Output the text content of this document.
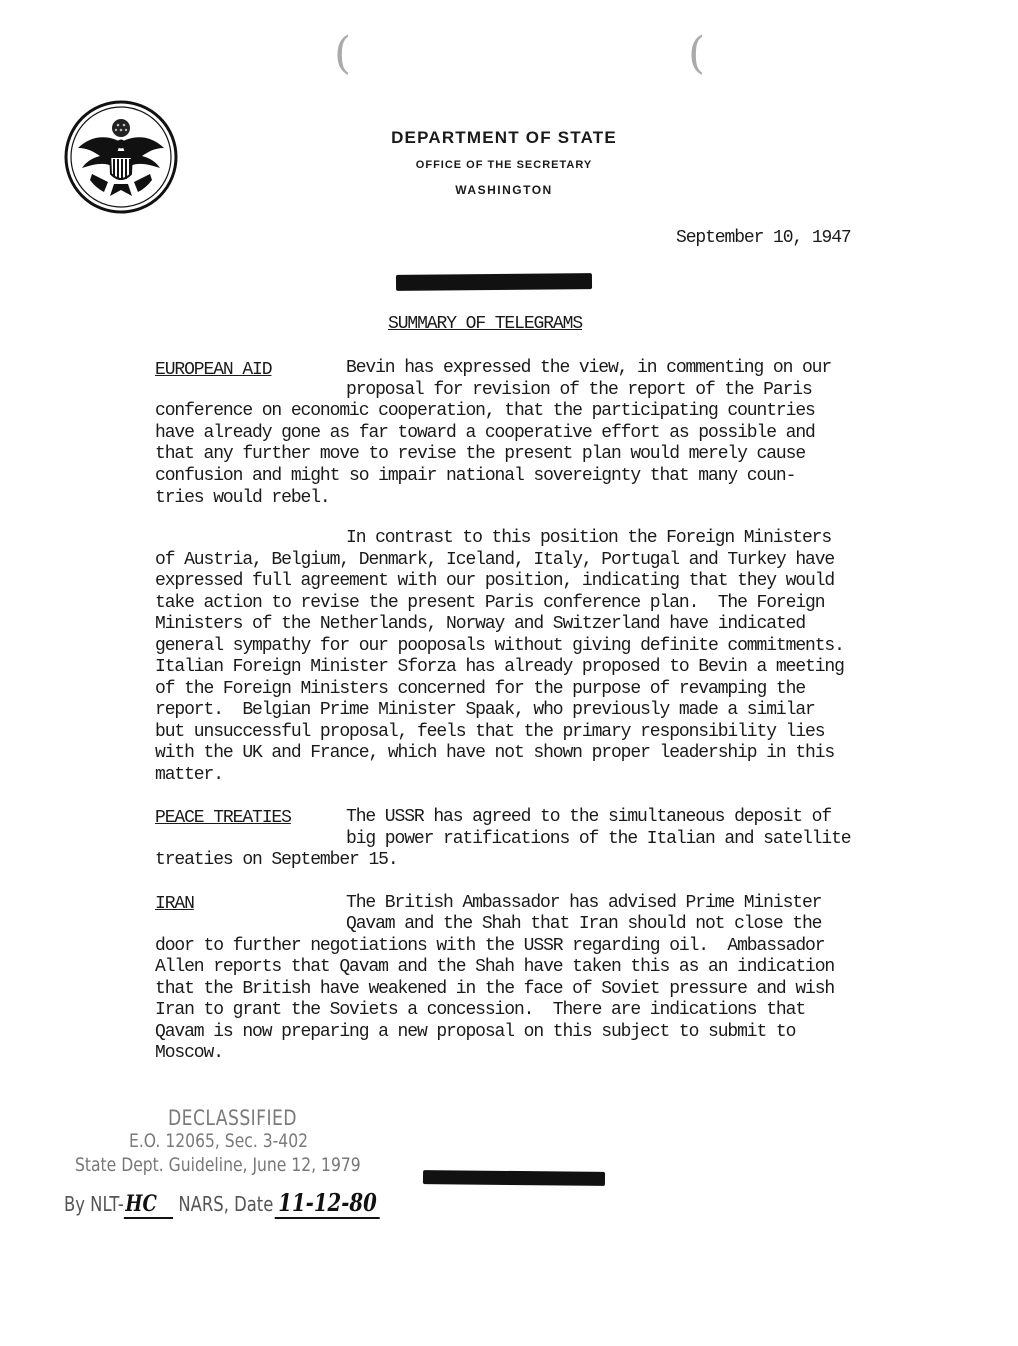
(	(
DEPARTMENT OF STATE
OFFICE OF THE SECRETARY
WASHINGTON
September 10, 1947
SUMMARY OF TELEGRAMS
EUROPEAN AID	Bevin has expressed the view, in commenting on our
proposal for revision of the report of the Paris
conference on economic cooperation, that the participating countries
have already gone as far toward a cooperative effort as possible and
that any further move to revise the present plan would merely cause
confusion and might so impair national sovereignty that many coun-
tries would rebel.
In contrast to this position the Foreign Ministers
of Austria, Belgium, Denmark, Iceland, Italy, Portugal and Turkey have
expressed full agreement with our position, indicating that they would
take action to revise the present Paris conference plan.  The Foreign
Ministers of the Netherlands, Norway and Switzerland have indicated
general sympathy for our pooposals without giving definite commitments.
Italian Foreign Minister Sforza has already proposed to Bevin a meeting
of the Foreign Ministers concerned for the purpose of revamping the
report.  Belgian Prime Minister Spaak, who previously made a similar
but unsuccessful proposal, feels that the primary responsibility lies
with the UK and France, which have not shown proper leadership in this
matter.
PEACE TREATIES	The USSR has agreed to the simultaneous deposit of
big power ratifications of the Italian and satellite
treaties on September 15.
IRAN	The British Ambassador has advised Prime Minister
Qavam and the Shah that Iran should not close the
door to further negotiations with the USSR regarding oil.  Ambassador
Allen reports that Qavam and the Shah have taken this as an indication
that the British have weakened in the face of Soviet pressure and wish
Iran to grant the Soviets a concession.  There are indications that
Qavam is now preparing a new proposal on this subject to submit to
Moscow.
DECLASSIFIED
E.O. 12065, Sec. 3-402
State Dept. Guideline, June 12, 1979
By NLT-HC NARS, Date 11-12-80
